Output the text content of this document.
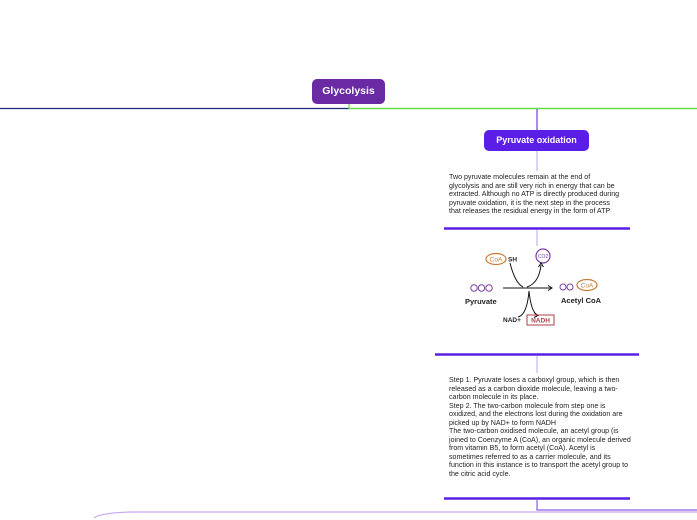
Glycolysis
Pyruvate oxidation

Two pyruvate molecules remain at the end of glycolysis and are still very rich in energy that can be extracted. Although no ATP is directly produced during pyruvate oxidation, it is the next step in the process that releases the residual energy in the form of ATP

CoA SH	CO2
Pyruvate
CoA
Acetyl CoA
NAD+ NADH
Step 1. Pyruvate loses a carboxyl group, which is then released as a carbon dioxide molecule, leaving a two-carbon molecule in its place.
Step 2. The two-carbon molecule from step one is oxidized, and the electrons lost during the oxidation are
picked up by NAD+ to form NADH
The two-carbon oxidised molecule, an acetyl group (is joined to Coenzyme A (CoA), an organic molecule derived from vitamin B5, to form acetyl (CoA). Acetyl is sometimes referred to as a carrier molecule, and its function in this instance is to transport the acetyl group to the citric acid cycle.
